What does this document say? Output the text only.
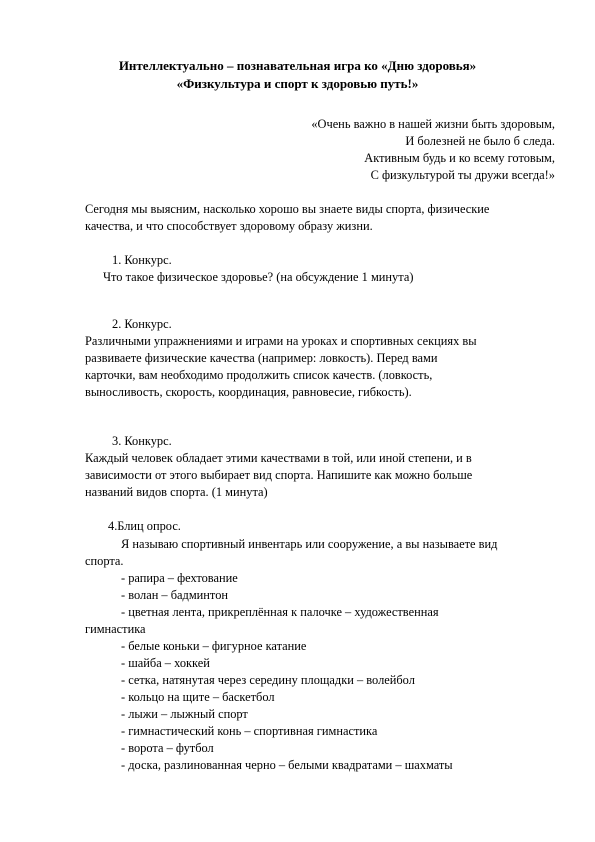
Интеллектуально – познавательная игра ко «Дню здоровья»
«Физкультура и спорт к здоровью путь!»
«Очень важно в нашей жизни быть здоровым,
И болезней не было б следа.
Активным будь и ко всему готовым,
С физкультурой ты дружи всегда!»
Сегодня мы выясним, насколько хорошо вы знаете виды спорта, физические
качества, и что способствует здоровому образу жизни.
1. Конкурс.
Что такое физическое здоровье? (на обсуждение 1 минута)
2. Конкурс.
Различными упражнениями и играми на уроках и спортивных секциях вы
развиваете физические качества (например: ловкость). Перед вами
карточки, вам необходимо продолжить список качеств. (ловкость,
выносливость, скорость, координация, равновесие, гибкость).
3. Конкурс.
Каждый человек обладает этими качествами в той, или иной степени, и в
зависимости от этого выбирает вид спорта. Напишите как можно больше
названий видов спорта. (1 минута)
4.Блиц опрос.
Я называю спортивный инвентарь или сооружение, а вы называете вид
спорта.
- рапира – фехтование
- волан – бадминтон
- цветная лента, прикреплённая к палочке – художественная
гимнастика
- белые коньки – фигурное катание
- шайба – хоккей
- сетка, натянутая через середину площадки – волейбол
- кольцо на щите – баскетбол
- лыжи – лыжный спорт
- гимнастический конь – спортивная гимнастика
- ворота – футбол
- доска, разлинованная черно – белыми квадратами – шахматы
